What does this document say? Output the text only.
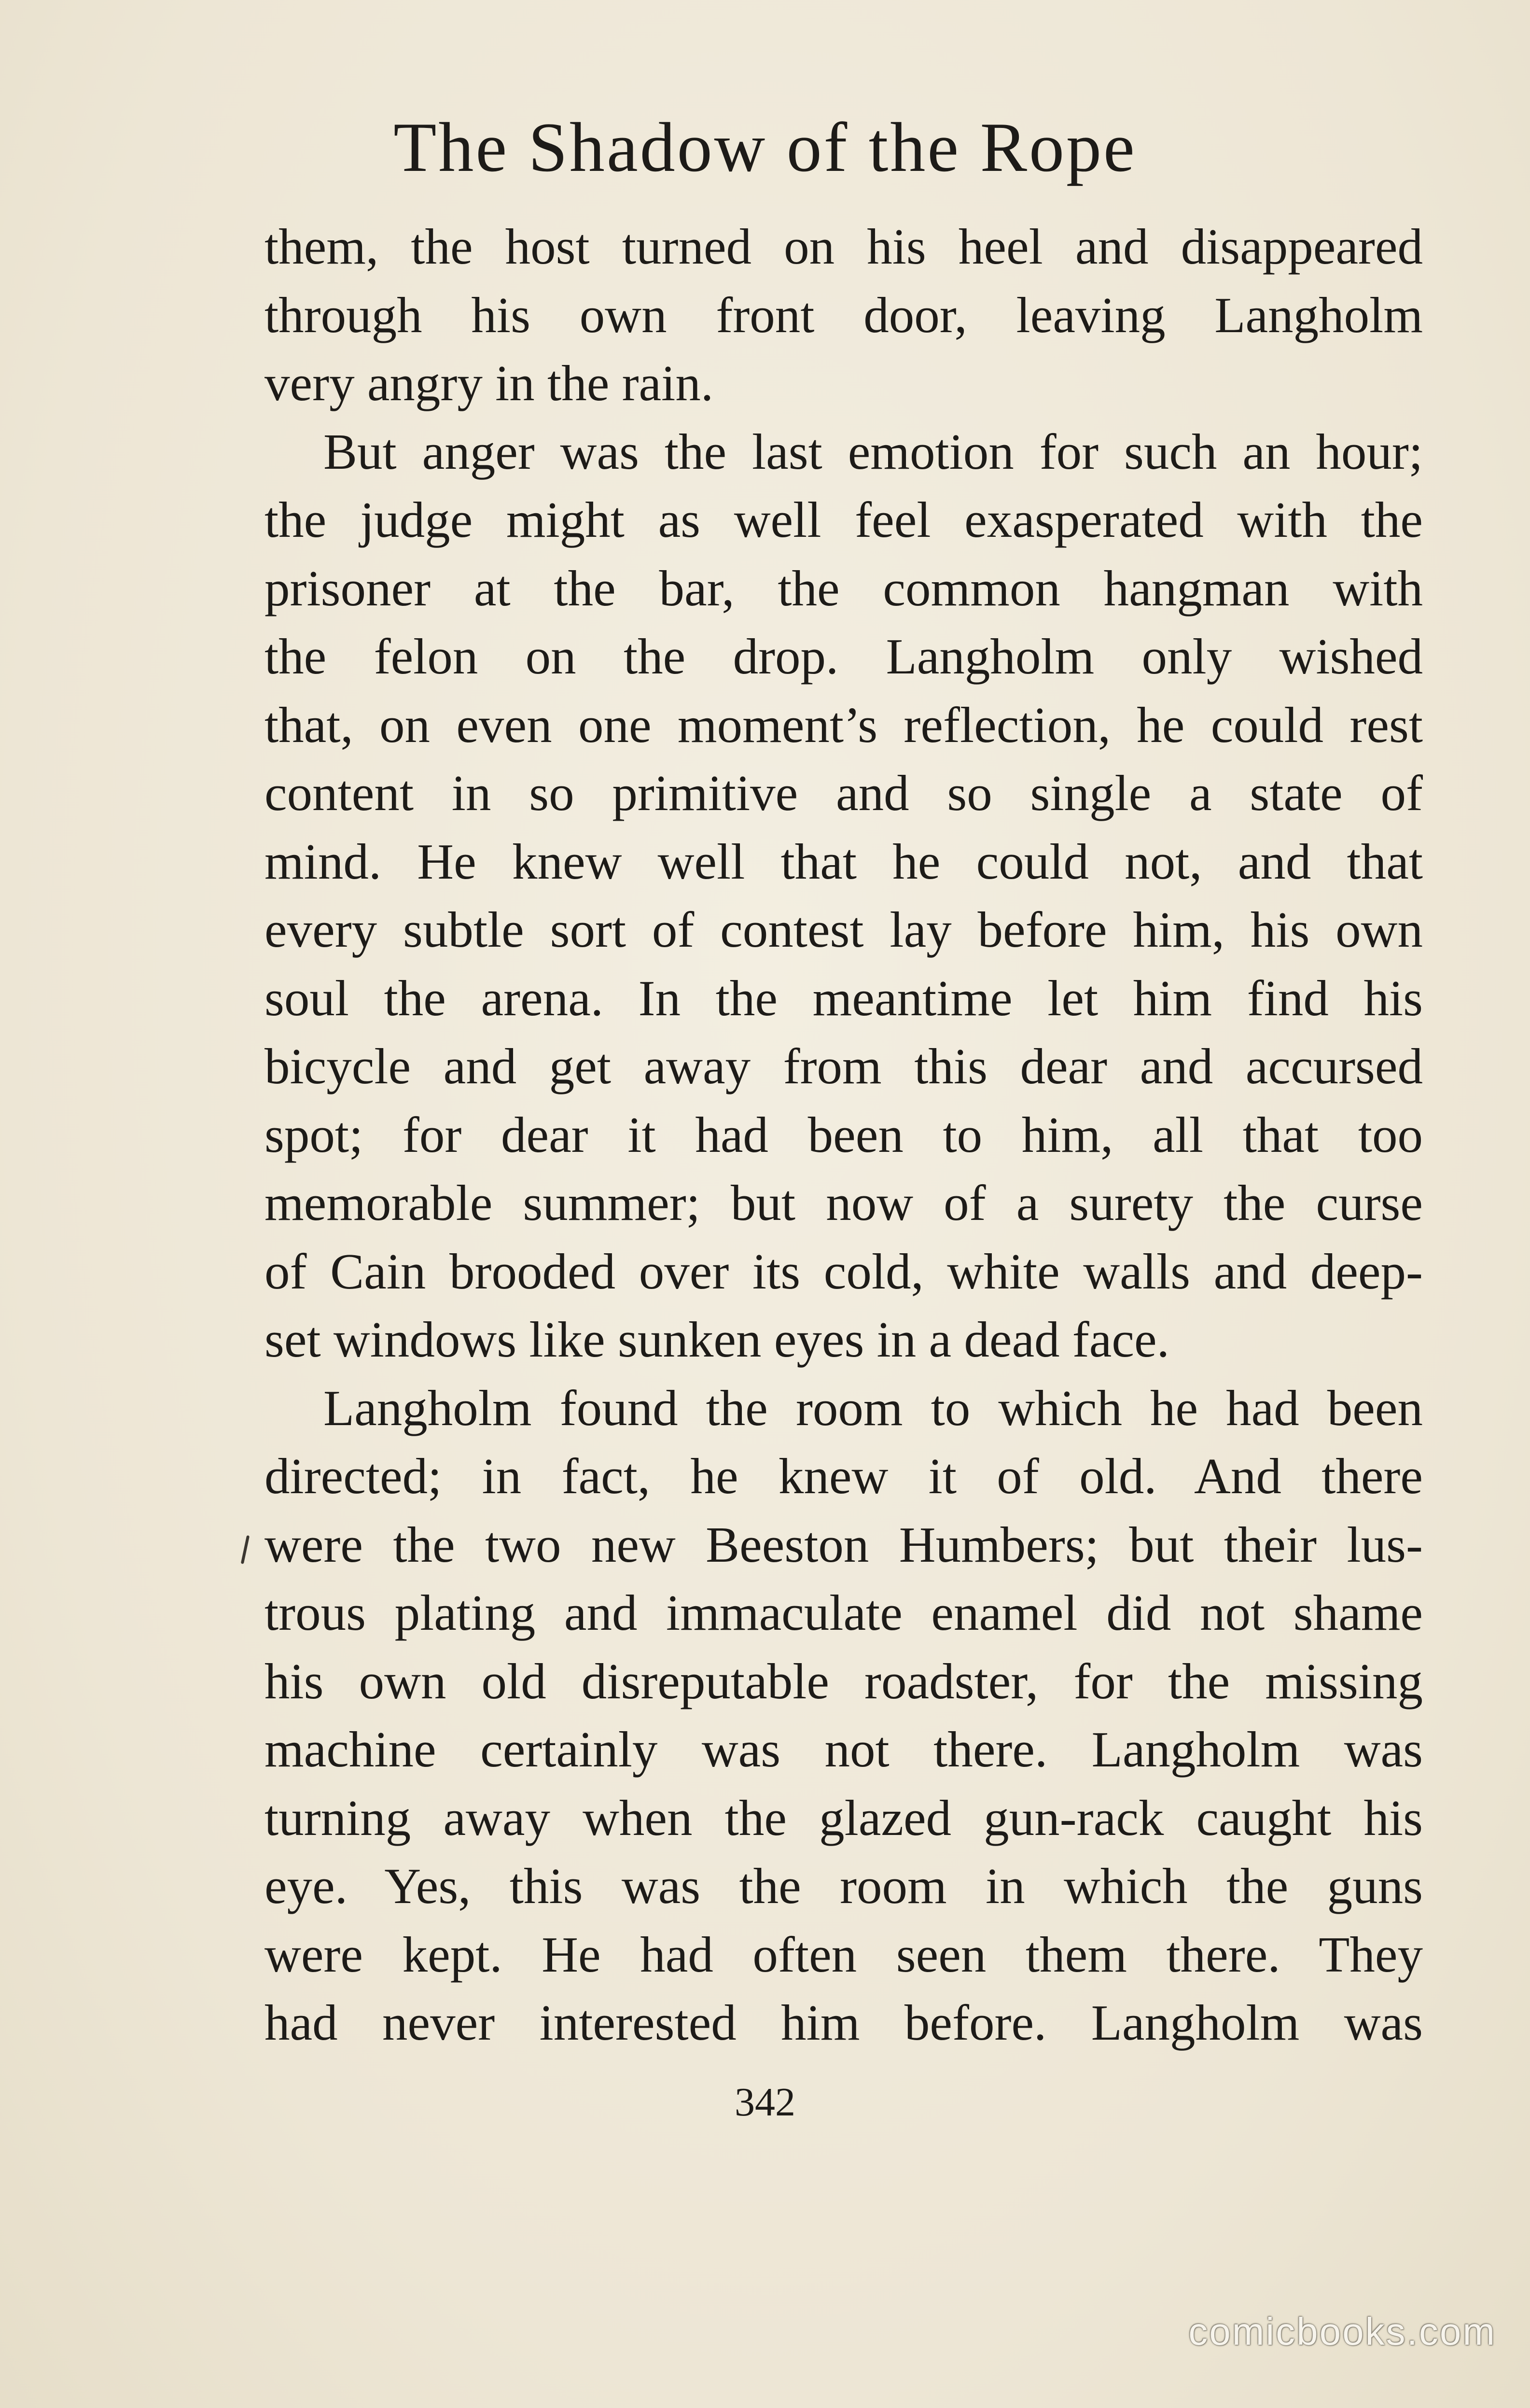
The Shadow of the Rope
them, the host turned on his heel and disappeared
through his own front door, leaving Langholm
very angry in the rain.
But anger was the last emotion for such an hour;
the judge might as well feel exasperated with the
prisoner at the bar, the common hangman with
the felon on the drop. Langholm only wished
that, on even one moment’s reflection, he could rest
content in so primitive and so single a state of
mind. He knew well that he could not, and that
every subtle sort of contest lay before him, his own
soul the arena. In the meantime let him find his
bicycle and get away from this dear and accursed
spot; for dear it had been to him, all that too
memorable summer; but now of a surety the curse
of Cain brooded over its cold, white walls and deep-
set windows like sunken eyes in a dead face.
Langholm found the room to which he had been
directed; in fact, he knew it of old. And there
were the two new Beeston Humbers; but their lus-
trous plating and immaculate enamel did not shame
his own old disreputable roadster, for the missing
machine certainly was not there. Langholm was
turning away when the glazed gun-rack caught his
eye. Yes, this was the room in which the guns
were kept. He had often seen them there. They
had never interested him before. Langholm was
342
comicbooks.com
